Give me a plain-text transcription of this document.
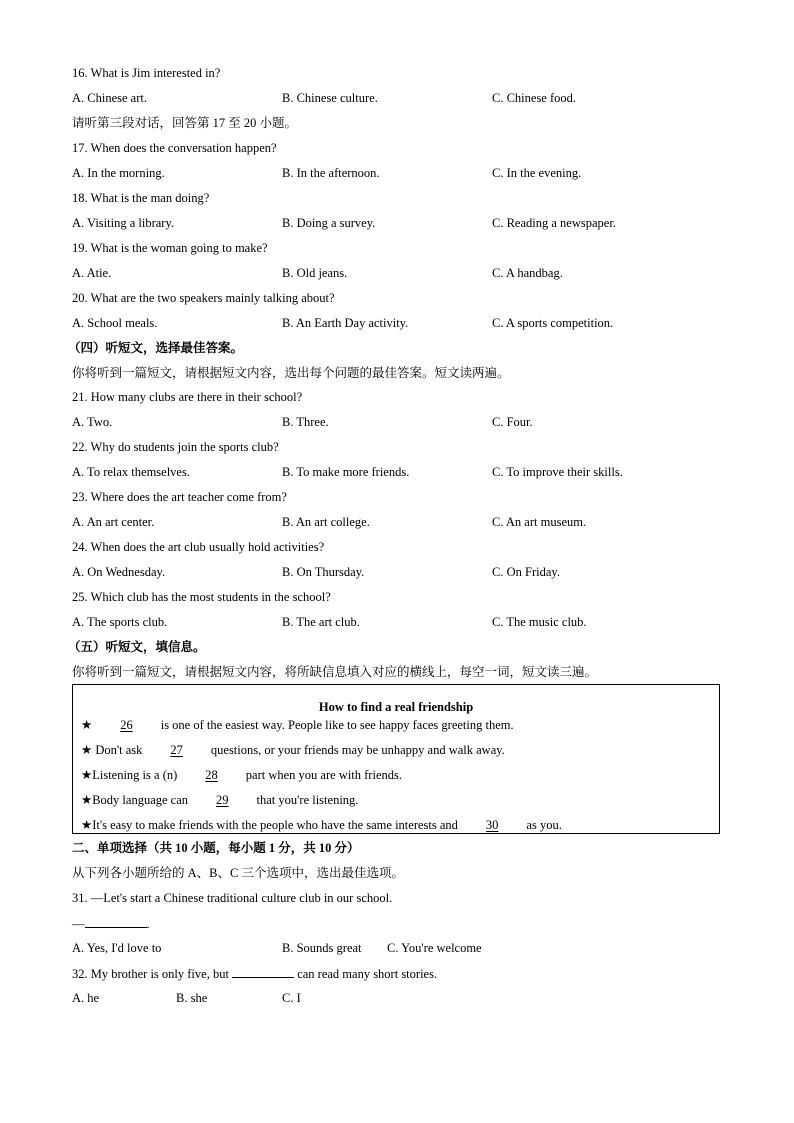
16. What is Jim interested in?
A. Chinese art.	B. Chinese culture.	C. Chinese food.
请听第三段对话，回答第 17 至 20 小题。
17. When does the conversation happen?
A. In the morning.	B. In the afternoon.	C. In the evening.
18. What is the man doing?
A. Visiting a library.	B. Doing a survey.	C. Reading a newspaper.
19. What is the woman going to make?
A. Atie.	B. Old jeans.	C. A handbag.
20. What are the two speakers mainly talking about?
A. School meals.	B. An Earth Day activity.	C. A sports competition.
（四）听短文，选择最佳答案。
你将听到一篇短文，请根据短文内容，选出每个问题的最佳答案。短文读两遍。
21. How many clubs are there in their school?
A. Two.	B. Three.	C. Four.
22. Why do students join the sports club?
A. To relax themselves.	B. To make more friends.	C. To improve their skills.
23. Where does the art teacher come from?
A. An art center.	B. An art college.	C. An art museum.
24. When does the art club usually hold activities?
A. On Wednesday.	B. On Thursday.	C. On Friday.
25. Which club has the most students in the school?
A. The sports club.	B. The art club.	C. The music club.
（五）听短文，填信息。
你将听到一篇短文，请根据短文内容，将所缺信息填入对应的横线上，每空一词，短文读三遍。
How to find a real friendship
★ 26 is one of the easiest way. People like to see happy faces greeting them.
★ Don't ask 27 questions, or your friends may be unhappy and walk away.
★Listening is a (n) 28 part when you are with friends.
★Body language can 29 that you're listening.
★It's easy to make friends with the people who have the same interests and 30 as you.
二、单项选择（共 10 小题，每小题 1 分，共 10 分）
从下列各小题所给的 A、B、C 三个选项中，选出最佳选项。
31. —Let's start a Chinese traditional culture club in our school.
—	.
A. Yes, I'd love to	B. Sounds great C. You're welcome
32. My brother is only five, but	can read many short stories.
A. he	B. she	C. I
